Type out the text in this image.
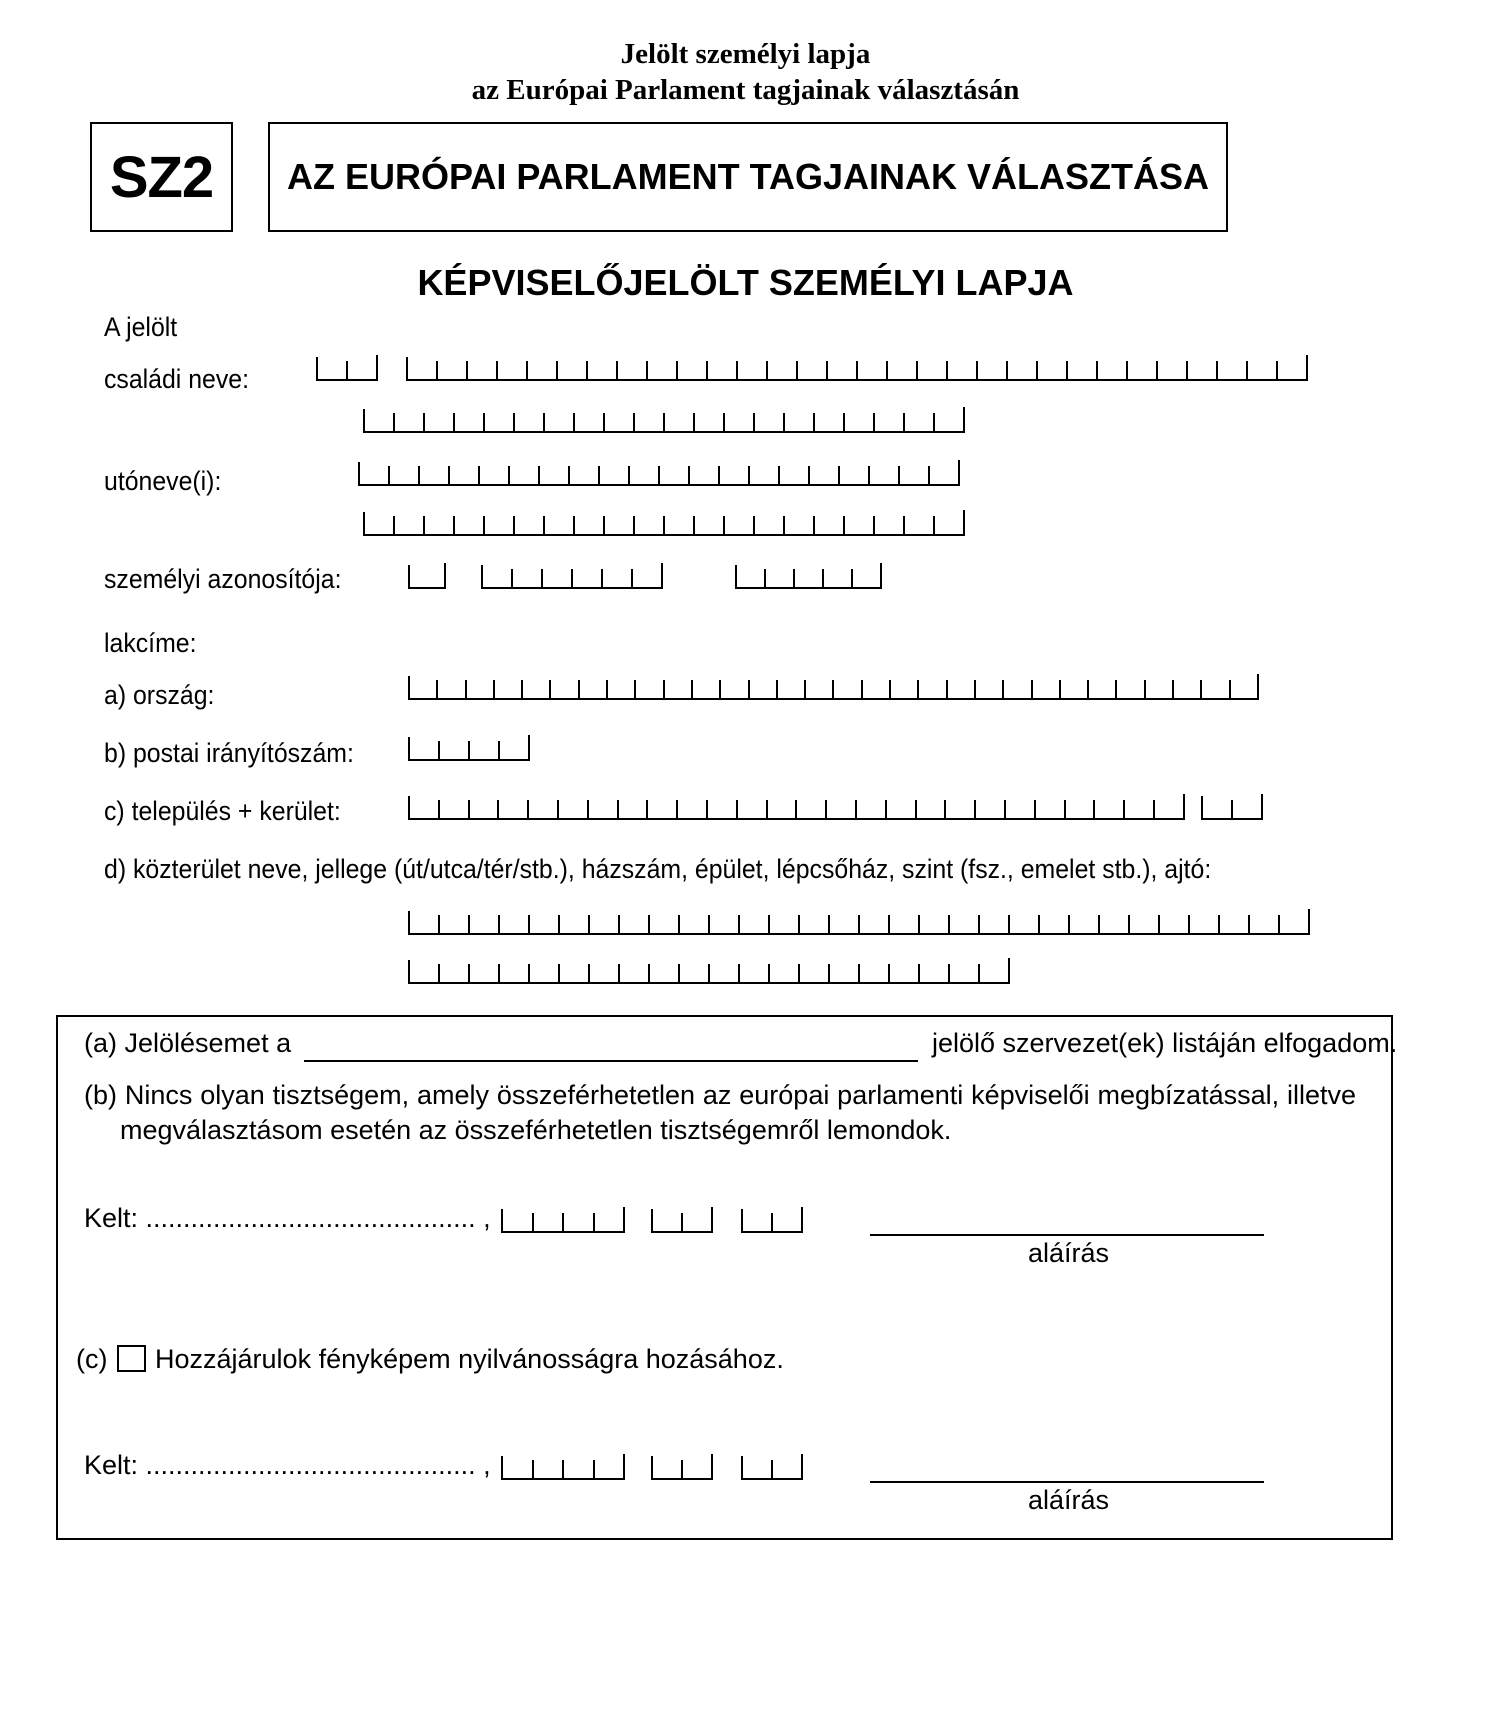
Jelölt személyi lapja
az Európai Parlament tagjainak választásán
SZ2	AZ EURÓPAI PARLAMENT TAGJAINAK VÁLASZTÁSA
KÉPVISELŐJELÖLT SZEMÉLYI LAPJA
A jelölt
családi neve:
utóneve(i):
személyi azonosítója:
lakcíme:
a) ország:
b) postai irányítószám:
c) település + kerület:
d) közterület neve, jellege (út/utca/tér/stb.), házszám, épület, lépcsőház, szint (fsz., emelet stb.), ajtó:
(a) Jelölésemet a	jelölő szervezet(ek) listáján elfogadom.
(b) Nincs olyan tisztségem, amely összeférhetetlen az európai parlamenti képviselői megbízatással, illetve
megválasztásom esetén az összeférhetetlen tisztségemről lemondok.
Kelt: ............................................ ,
aláírás
(c) Hozzájárulok fényképem nyilvánosságra hozásához.
Kelt: ............................................ ,
aláírás
